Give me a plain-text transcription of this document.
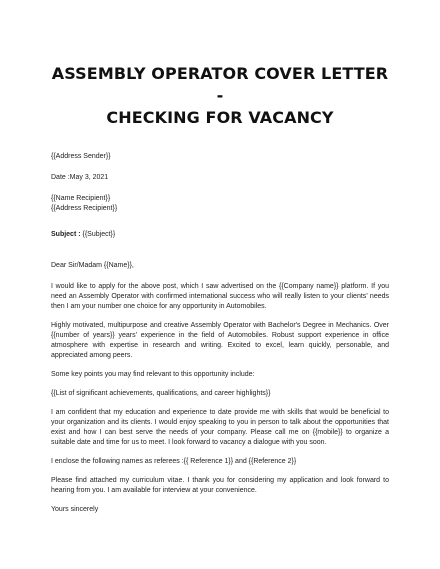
ASSEMBLY OPERATOR COVER LETTER -
CHECKING FOR VACANCY

{{Address Sender}}

Date :May 3, 2021

{{Name Recipient}}

{{Address Recipient}}

Subject : {{Subject}}

Dear Sir/Madam {{Name}},

I would like to apply for the above post, which I saw advertised on the {{Company name}} platform. If you need an Assembly Operator with confirmed international success who will really listen to your clients’ needs then I am your number one choice for any opportunity in Automobiles.

Highly motivated, multipurpose and creative Assembly Operator with Bachelor's Degree in Mechanics. Over {{number of years}} years’ experience in the field of Automobiles. Robust support experience in office atmosphere with expertise in research and writing. Excited to excel, learn quickly, personable, and appreciated among peers.

Some key points you may find relevant to this opportunity include:

{{List of significant achievements, qualifications, and career highlights}}

I am confident that my education and experience to date provide me with skills that would be beneficial to your organization and its clients. I would enjoy speaking to you in person to talk about the opportunities that exist and how I can best serve the needs of your company. Please call me on {{mobile}} to organize a suitable date and time for us to meet. I look forward to vacancy a dialogue with you soon.

I enclose the following names as referees :{{ Reference 1}} and {{Reference 2}}

Please find attached my curriculum vitae. I thank you for considering my application and look forward to hearing from you. I am available for interview at your convenience.

Yours sincerely
